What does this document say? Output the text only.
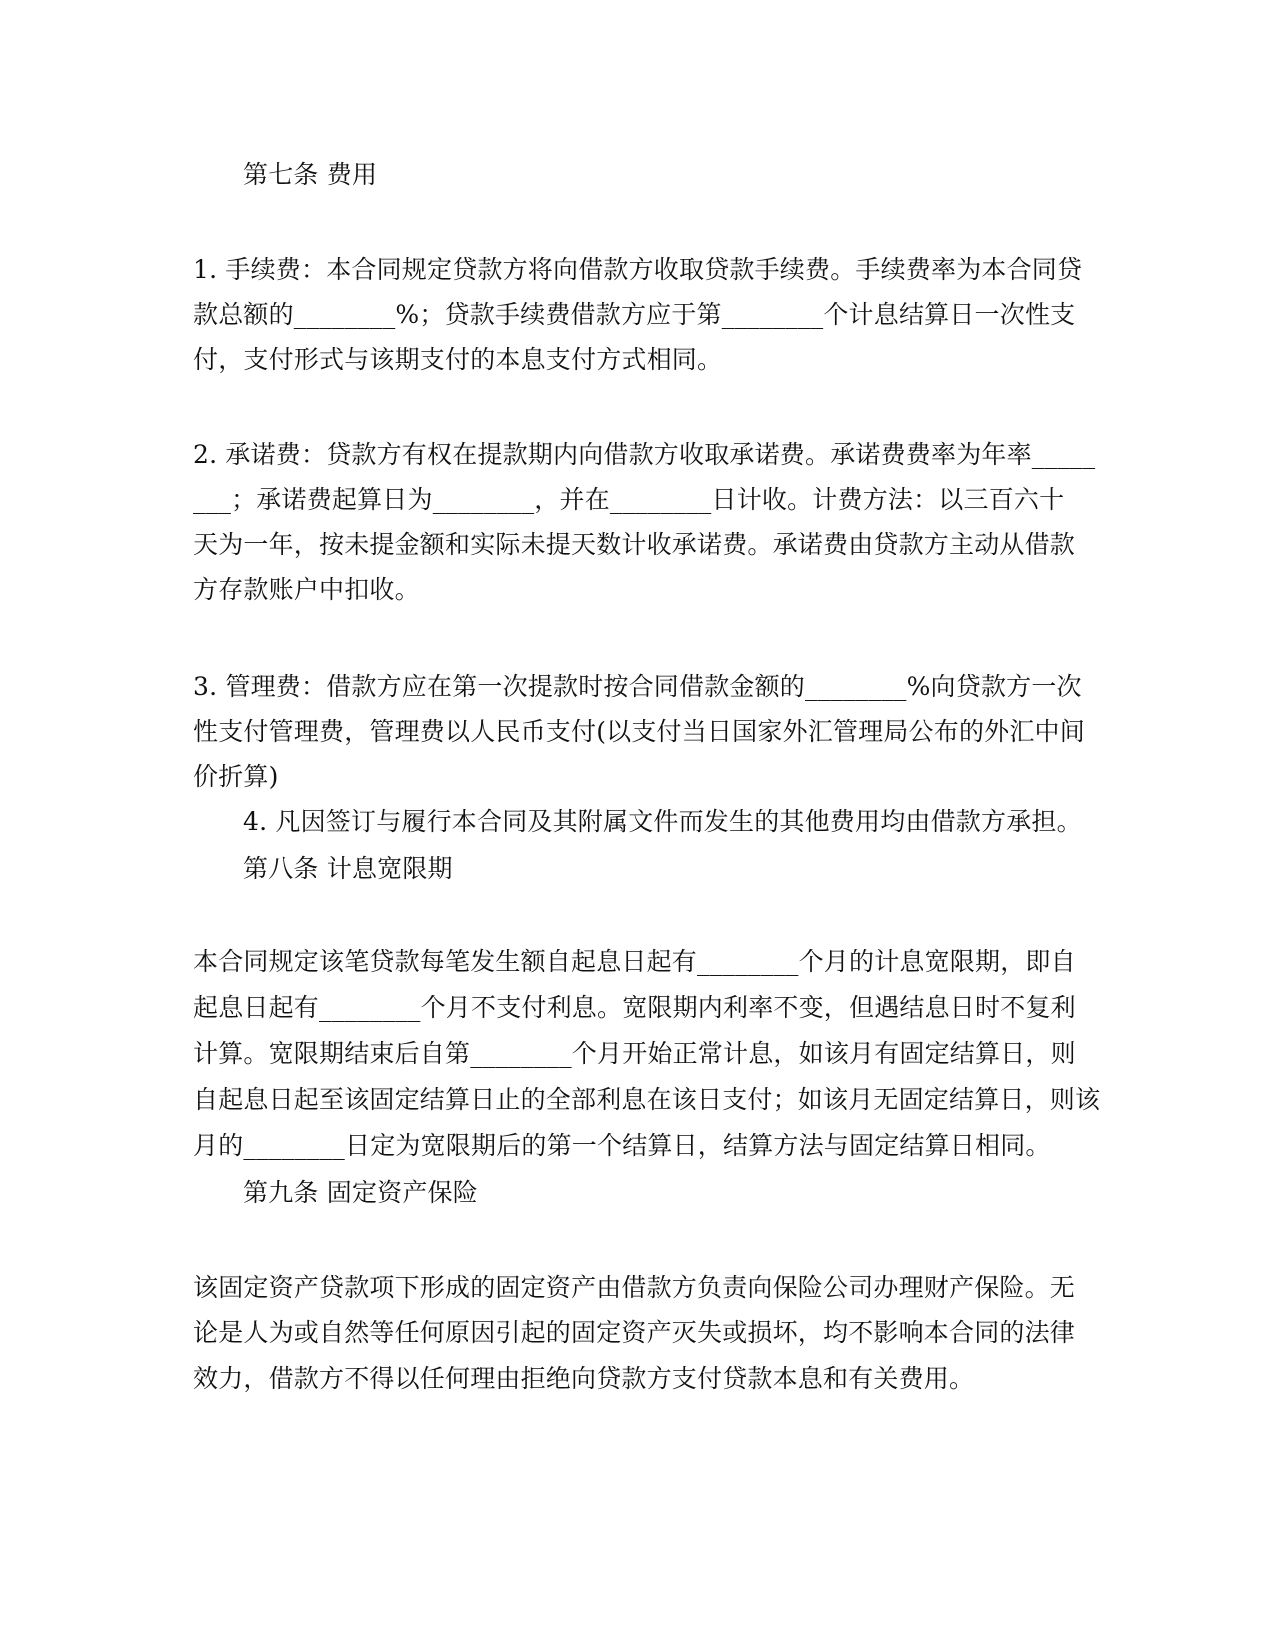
第七条 费用
1. 手续费：本合同规定贷款方将向借款方收取贷款手续费。手续费率为本合同贷
款总额的________%；贷款手续费借款方应于第________个计息结算日一次性支
付，支付形式与该期支付的本息支付方式相同。
2. 承诺费：贷款方有权在提款期内向借款方收取承诺费。承诺费费率为年率_____
___；承诺费起算日为________，并在________日计收。计费方法：以三百六十
天为一年，按未提金额和实际未提天数计收承诺费。承诺费由贷款方主动从借款
方存款账户中扣收。
3. 管理费：借款方应在第一次提款时按合同借款金额的________%向贷款方一次
性支付管理费，管理费以人民币支付(以支付当日国家外汇管理局公布的外汇中间
价折算)
4. 凡因签订与履行本合同及其附属文件而发生的其他费用均由借款方承担。
第八条 计息宽限期
本合同规定该笔贷款每笔发生额自起息日起有________个月的计息宽限期，即自
起息日起有________个月不支付利息。宽限期内利率不变，但遇结息日时不复利
计算。宽限期结束后自第________个月开始正常计息，如该月有固定结算日，则
自起息日起至该固定结算日止的全部利息在该日支付；如该月无固定结算日，则该
月的________日定为宽限期后的第一个结算日，结算方法与固定结算日相同。
第九条 固定资产保险
该固定资产贷款项下形成的固定资产由借款方负责向保险公司办理财产保险。无
论是人为或自然等任何原因引起的固定资产灭失或损坏，均不影响本合同的法律
效力，借款方不得以任何理由拒绝向贷款方支付贷款本息和有关费用。
